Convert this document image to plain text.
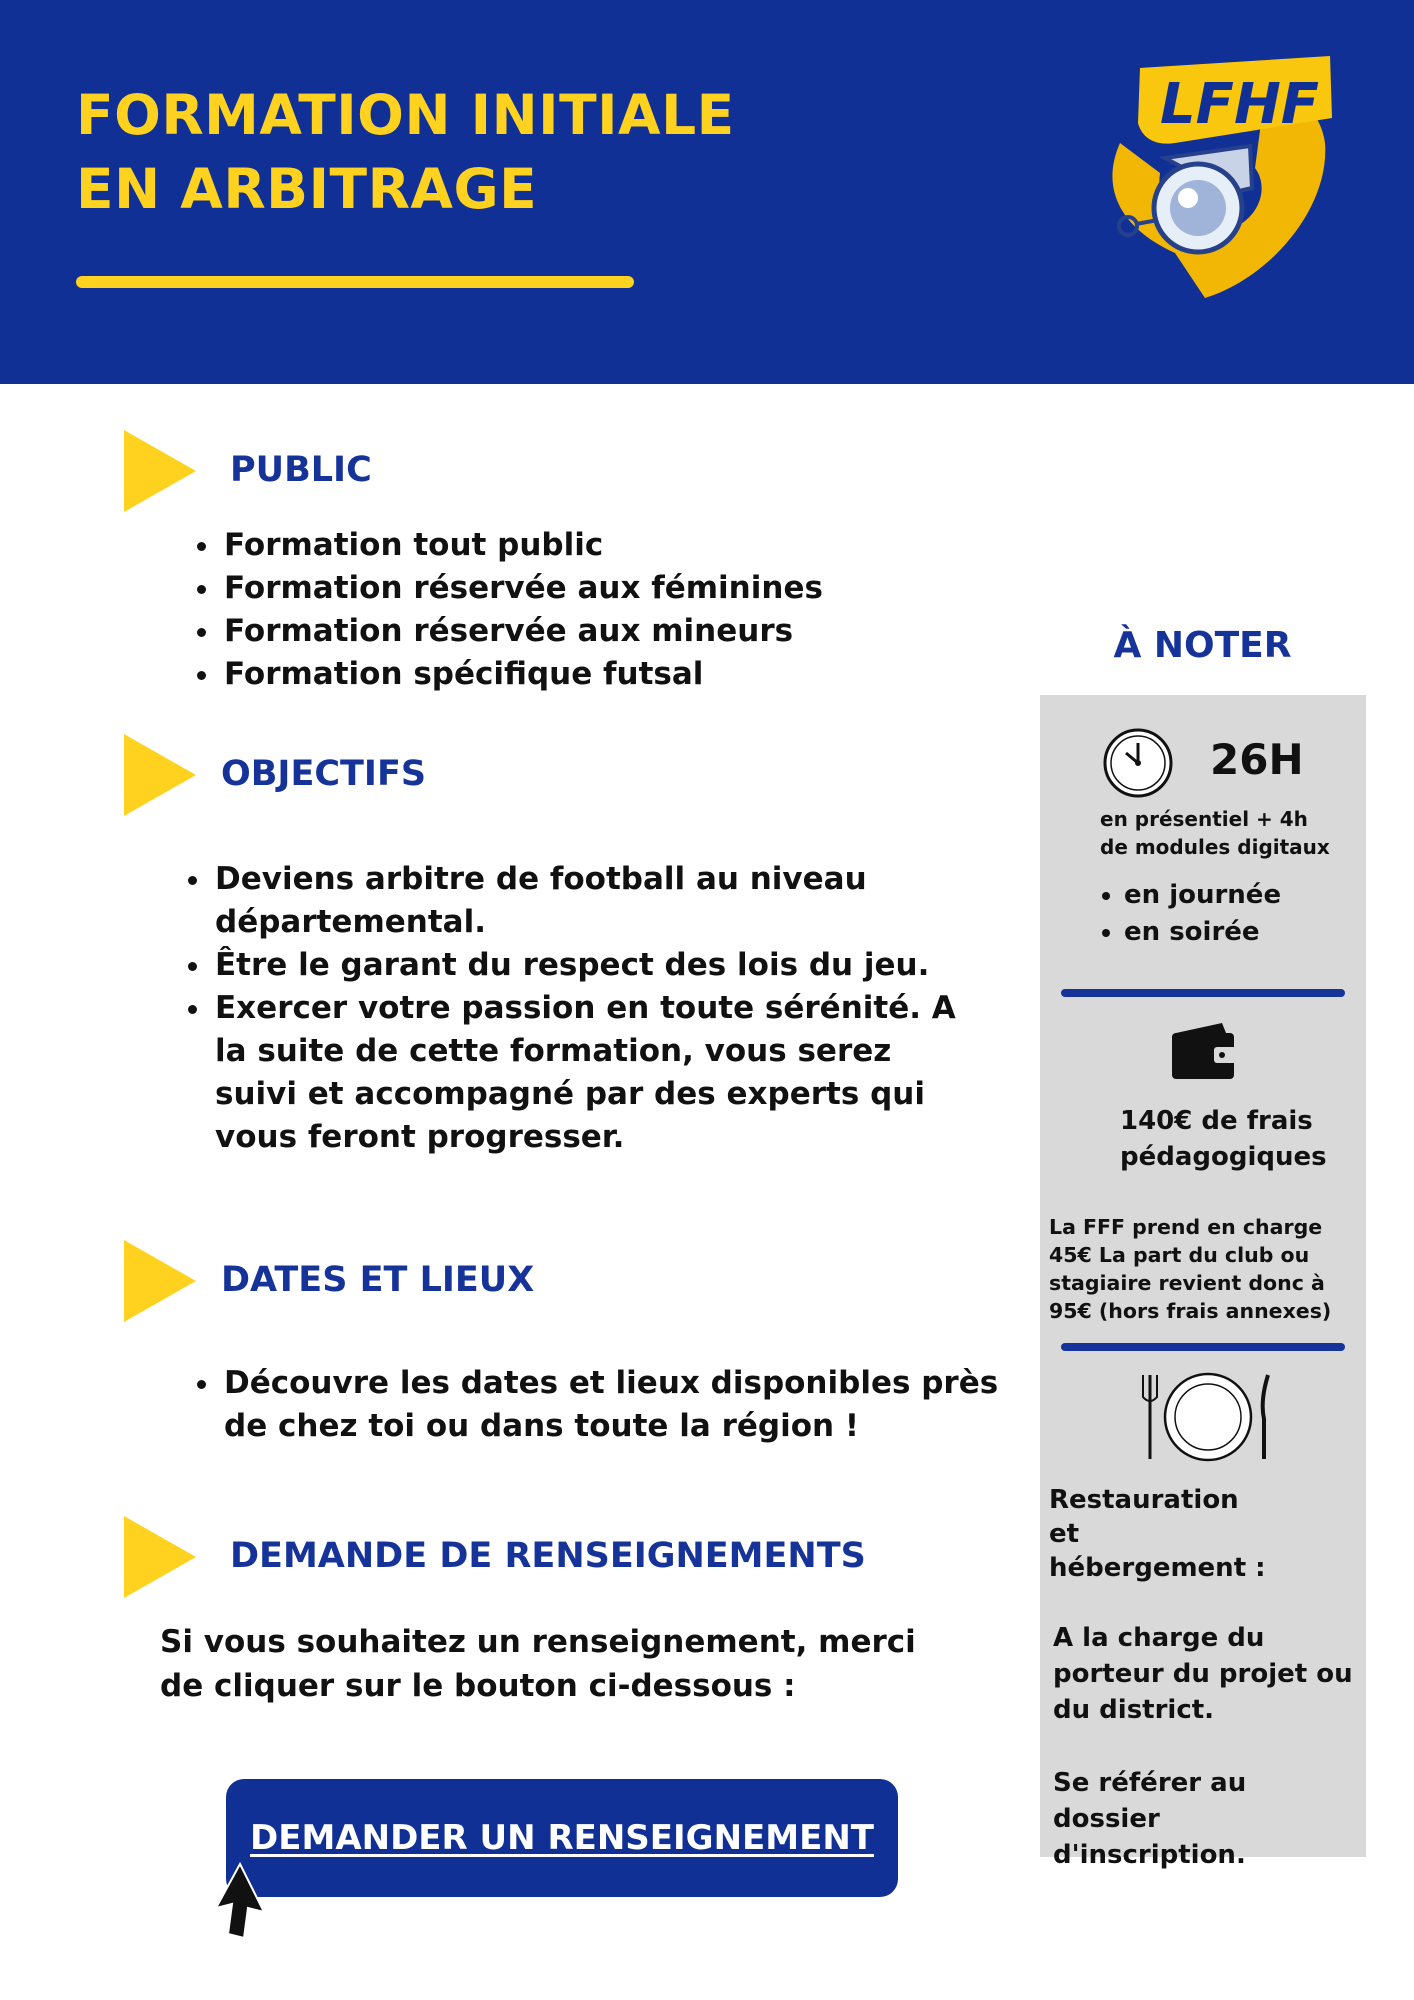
FORMATION INITIALE
EN ARBITRAGE
LFHF
PUBLIC
• Formation tout public
• Formation réservée aux féminines
• Formation réservée aux mineurs
• Formation spécifique futsal
OBJECTIFS
• Deviens arbitre de football au niveau départemental.
• Être le garant du respect des lois du jeu.
• Exercer votre passion en toute sérénité. A la suite de cette formation, vous serez suivi et accompagné par des experts qui vous feront progresser.
DATES ET LIEUX
• Découvre les dates et lieux disponibles près de chez toi ou dans toute la région !
DEMANDE DE RENSEIGNEMENTS

Si vous souhaitez un renseignement, merci de cliquer sur le bouton ci-dessous :

DEMANDER UN RENSEIGNEMENT
À NOTER
26H
en présentiel + 4h de modules digitaux
• en journée
• en soirée
140€ de frais pédagogiques
La FFF prend en charge 45€ La part du club ou stagiaire revient donc à 95€ (hors frais annexes)
Restauration et hébergement :
A la charge du porteur du projet ou du district.
Se référer au dossier d'inscription.
